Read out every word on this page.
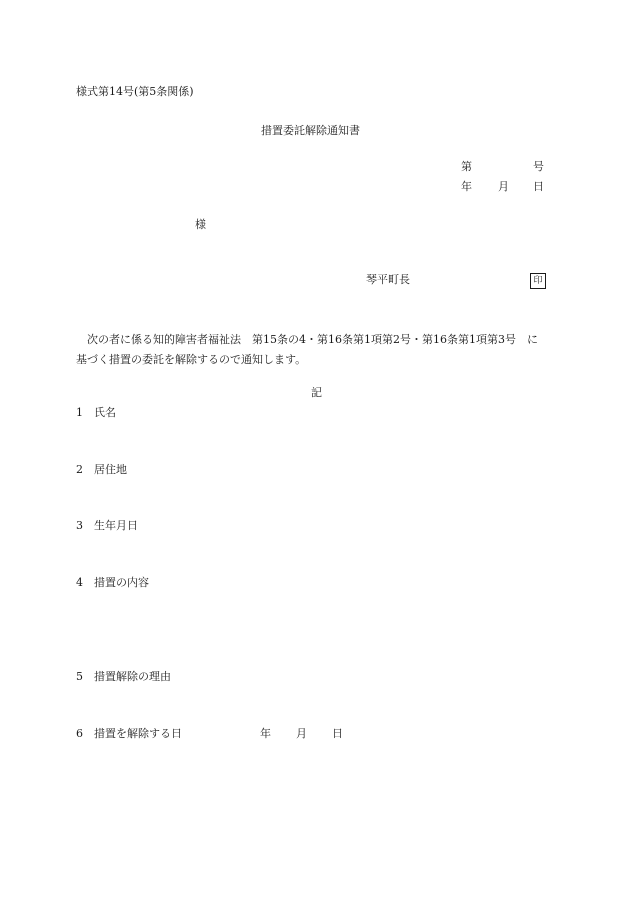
様式第14号(第5条関係)
措置委託解除通知書
第	号
年 月 日
様
琴平町長	印
次の者に係る知的障害者福祉法　第15条の4・第16条第1項第2号・第16条第1項第3号　に
基づく措置の委託を解除するので通知します。
記
1 氏名
2 居住地
3 生年月日
4 措置の内容
5 措置解除の理由
6 措置を解除する日	年 月 日
